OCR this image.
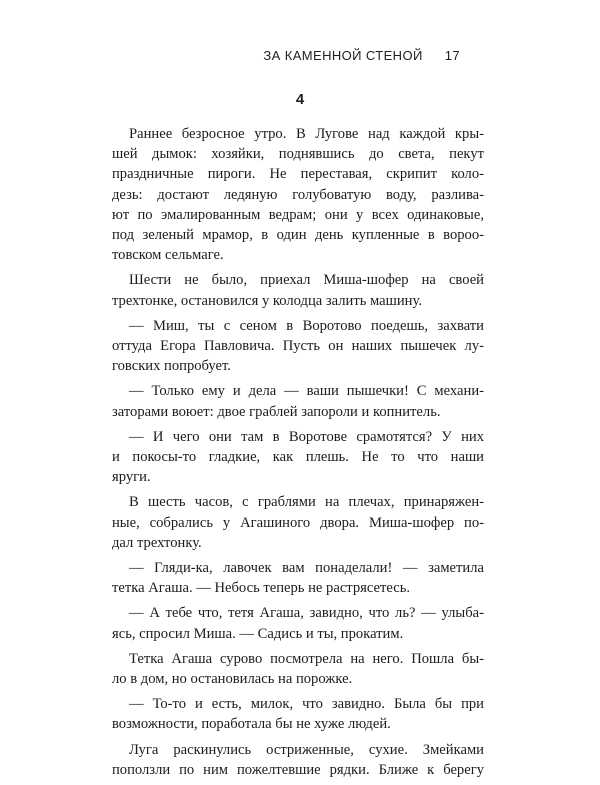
ЗА КАМЕННОЙ СТЕНОЙ 17
4
Раннее безросное утро. В Лугове над каждой кры-
шей дымок: хозяйки, поднявшись до света, пекут
праздничные пироги. Не переставая, скрипит коло-
дезь: достают ледяную голубоватую воду, разлива-
ют по эмалированным ведрам; они у всех одинаковые,
под зеленый мрамор, в один день купленные в вороо-
товском сельмаге.
Шести не было, приехал Миша-шофер на своей
трехтонке, остановился у колодца залить машину.
— Миш, ты с сеном в Воротово поедешь, захвати
оттуда Егора Павловича. Пусть он наших пышечек лу-
говских попробует.
— Только ему и дела — ваши пышечки! С механи-
заторами воюет: двое граблей запороли и копнитель.
— И чего они там в Воротове срамотятся? У них
и покосы-то гладкие, как плешь. Не то что наши
яруги.
В шесть часов, с граблями на плечах, принаряжен-
ные, собрались у Агашиного двора. Миша-шофер по-
дал трехтонку.
— Гляди-ка, лавочек вам понаделали! — заметила
тетка Агаша. — Небось теперь не растрясетесь.
— А тебе что, тетя Агаша, завидно, что ль? — улыба-
ясь, спросил Миша. — Садись и ты, прокатим.
Тетка Агаша сурово посмотрела на него. Пошла бы-
ло в дом, но остановилась на порожке.
— То-то и есть, милок, что завидно. Была бы при
возможности, поработала бы не хуже людей.
Луга раскинулись остриженные, сухие. Змейками
поползли по ним пожелтевшие рядки. Ближе к берегу
